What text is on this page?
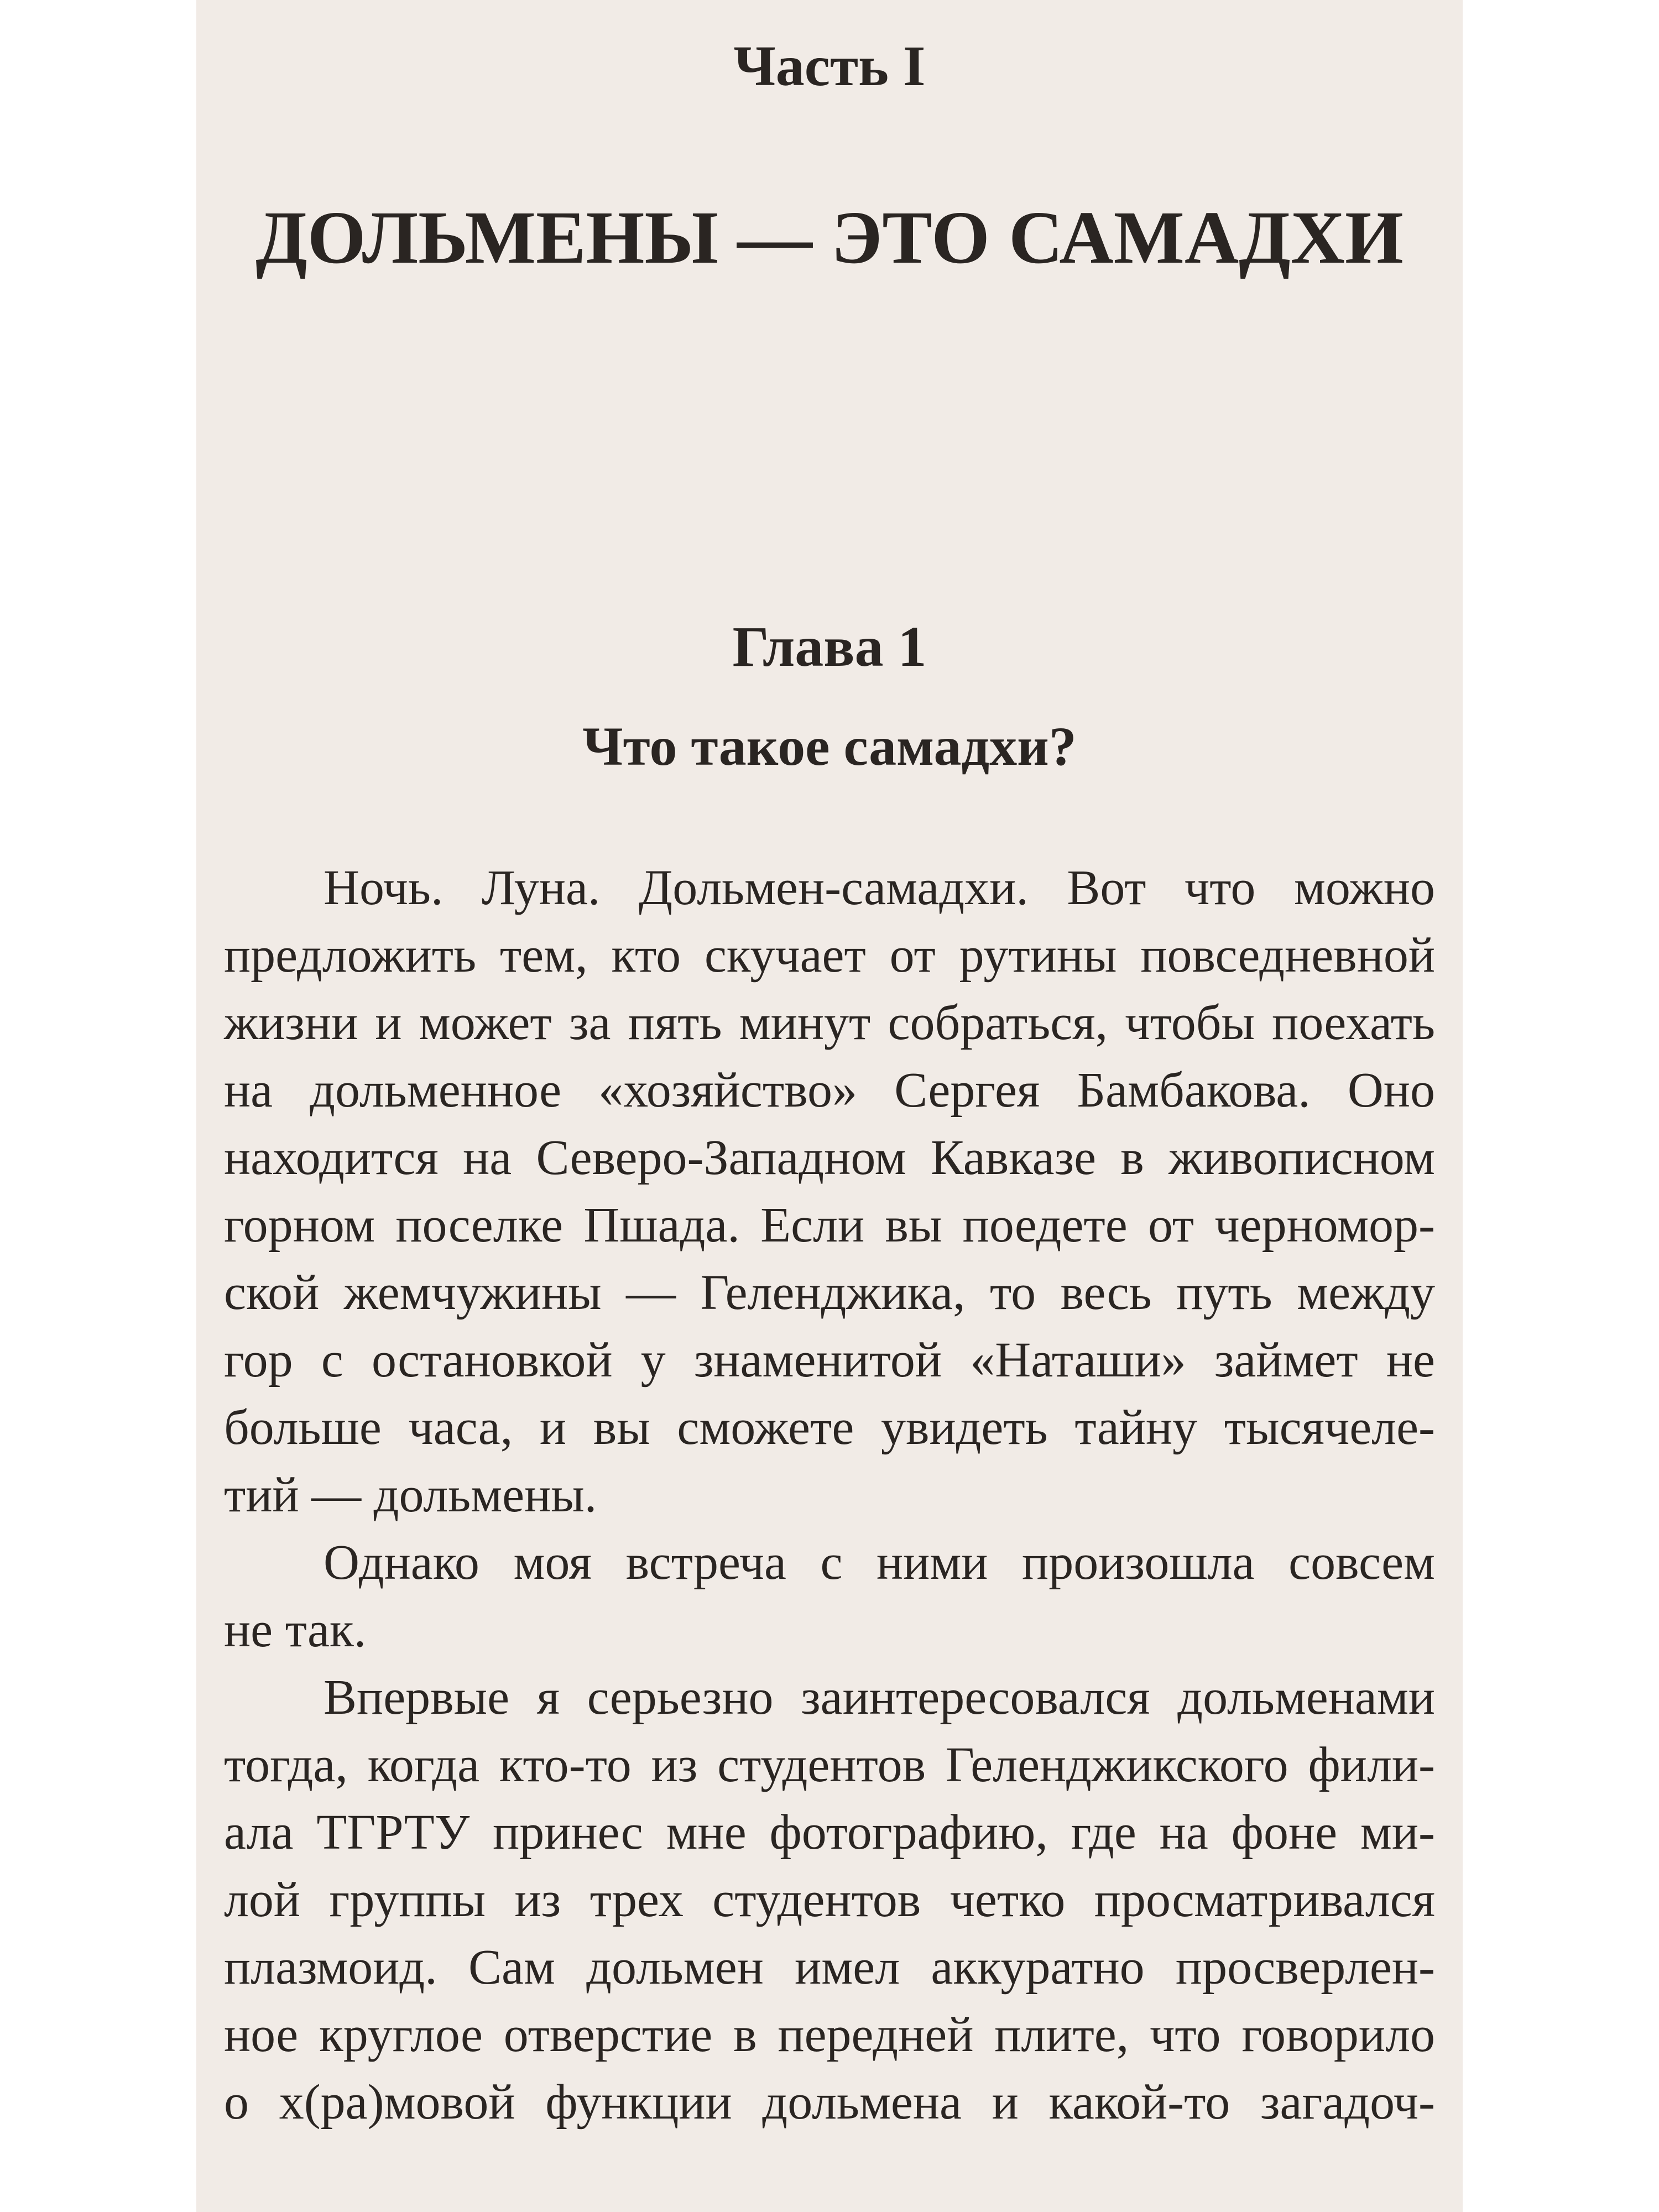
Часть I
ДОЛЬМЕНЫ — ЭТО САМАДХИ
Глава 1
Что такое самадхи?
Ночь. Луна. Дольмен-самадхи. Вот что можно
предложить тем, кто скучает от рутины повседневной
жизни и может за пять минут собраться, чтобы поехать
на дольменное «хозяйство» Сергея Бамбакова. Оно
находится на Северо-Западном Кавказе в живописном
горном поселке Пшада. Если вы поедете от черномор-
ской жемчужины — Геленджика, то весь путь между
гор с остановкой у знаменитой «Наташи» займет не
больше часа, и вы сможете увидеть тайну тысячеле-
тий — дольмены.
Однако моя встреча с ними произошла совсем
не так.
Впервые я серьезно заинтересовался дольменами
тогда, когда кто-то из студентов Геленджикского фили-
ала ТГРТУ принес мне фотографию, где на фоне ми-
лой группы из трех студентов четко просматривался
плазмоид. Сам дольмен имел аккуратно просверлен-
ное круглое отверстие в передней плите, что говорило
о х(ра)мовой функции дольмена и какой-то загадоч-
